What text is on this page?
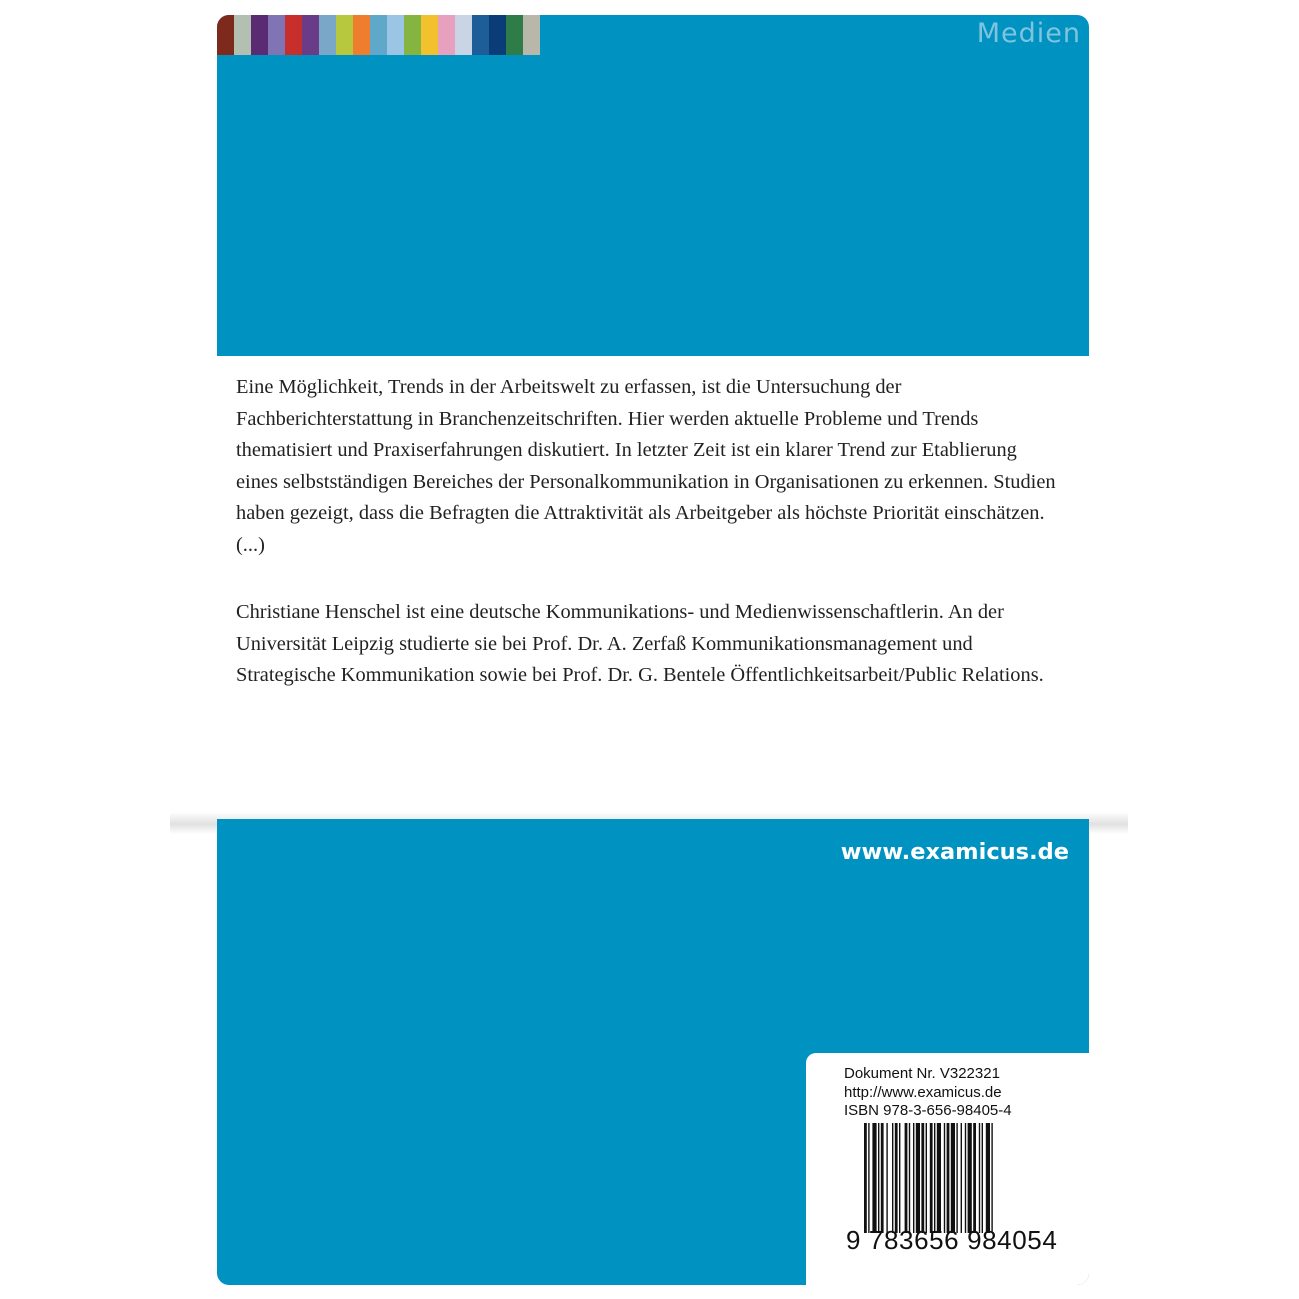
Medien

Eine Möglichkeit, Trends in der Arbeitswelt zu erfassen, ist die Untersuchung der Fachberichterstattung in Branchenzeitschriften. Hier werden aktuelle Probleme und Trends thematisiert und Praxiserfahrungen diskutiert. In letzter Zeit ist ein klarer Trend zur Etablierung eines selbstständigen Bereiches der Personalkommunikation in Organisationen zu erkennen. Studien haben gezeigt, dass die Befragten die Attraktivität als Arbeitgeber als höchste Priorität einschätzen. (...)

Christiane Henschel ist eine deutsche Kommunikations- und Medienwissenschaftlerin. An der Universität Leipzig studierte sie bei Prof. Dr. A. Zerfaß Kommunikationsmanagement und Strategische Kommunikation sowie bei Prof. Dr. G. Bentele Öffentlichkeitsarbeit/Public Relations.

www.examicus.de
Dokument Nr. V322321
http://www.examicus.de
ISBN 978-3-656-98405-4
9 783656 984054
